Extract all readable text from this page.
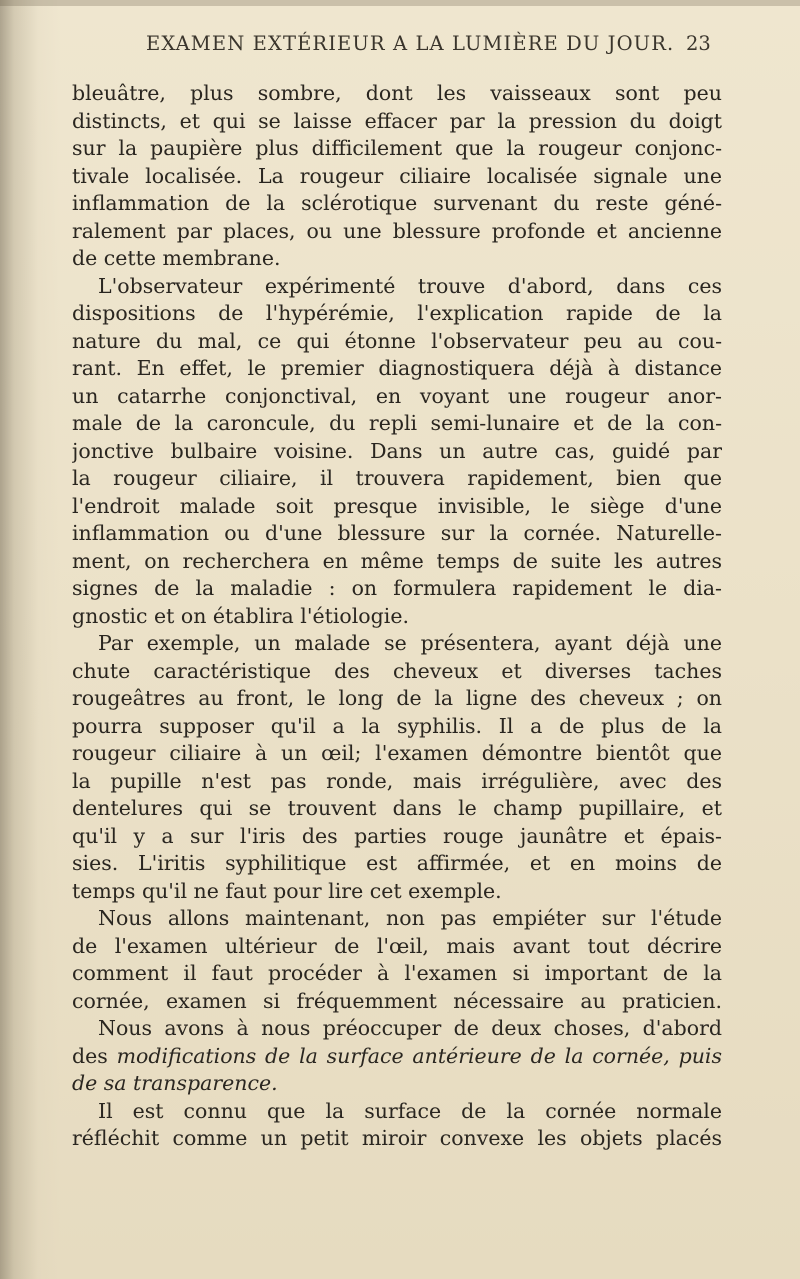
EXAMEN EXTÉRIEUR A LA LUMIÈRE DU JOUR. 23
bleuâtre, plus sombre, dont les vaisseaux sont peu
distincts, et qui se laisse effacer par la pression du doigt
sur la paupière plus difficilement que la rougeur conjonc-
tivale localisée. La rougeur ciliaire localisée signale une
inflammation de la sclérotique survenant du reste géné-
ralement par places, ou une blessure profonde et ancienne
de cette membrane.
L'observateur expérimenté trouve d'abord, dans ces
dispositions de l'hypérémie, l'explication rapide de la
nature du mal, ce qui étonne l'observateur peu au cou-
rant. En effet, le premier diagnostiquera déjà à distance
un catarrhe conjonctival, en voyant une rougeur anor-
male de la caroncule, du repli semi-lunaire et de la con-
jonctive bulbaire voisine. Dans un autre cas, guidé par
la rougeur ciliaire, il trouvera rapidement, bien que
l'endroit malade soit presque invisible, le siège d'une
inflammation ou d'une blessure sur la cornée. Naturelle-
ment, on recherchera en même temps de suite les autres
signes de la maladie : on formulera rapidement le dia-
gnostic et on établira l'étiologie.
Par exemple, un malade se présentera, ayant déjà une
chute caractéristique des cheveux et diverses taches
rougeâtres au front, le long de la ligne des cheveux ; on
pourra supposer qu'il a la syphilis. Il a de plus de la
rougeur ciliaire à un œil; l'examen démontre bientôt que
la pupille n'est pas ronde, mais irrégulière, avec des
dentelures qui se trouvent dans le champ pupillaire, et
qu'il y a sur l'iris des parties rouge jaunâtre et épais-
sies. L'iritis syphilitique est affirmée, et en moins de
temps qu'il ne faut pour lire cet exemple.
Nous allons maintenant, non pas empiéter sur l'étude
de l'examen ultérieur de l'œil, mais avant tout décrire
comment il faut procéder à l'examen si important de la
cornée, examen si fréquemment nécessaire au praticien.
Nous avons à nous préoccuper de deux choses, d'abord
des modifications de la surface antérieure de la cornée, puis
de sa transparence.
Il est connu que la surface de la cornée normale
réfléchit comme un petit miroir convexe les objets placés
